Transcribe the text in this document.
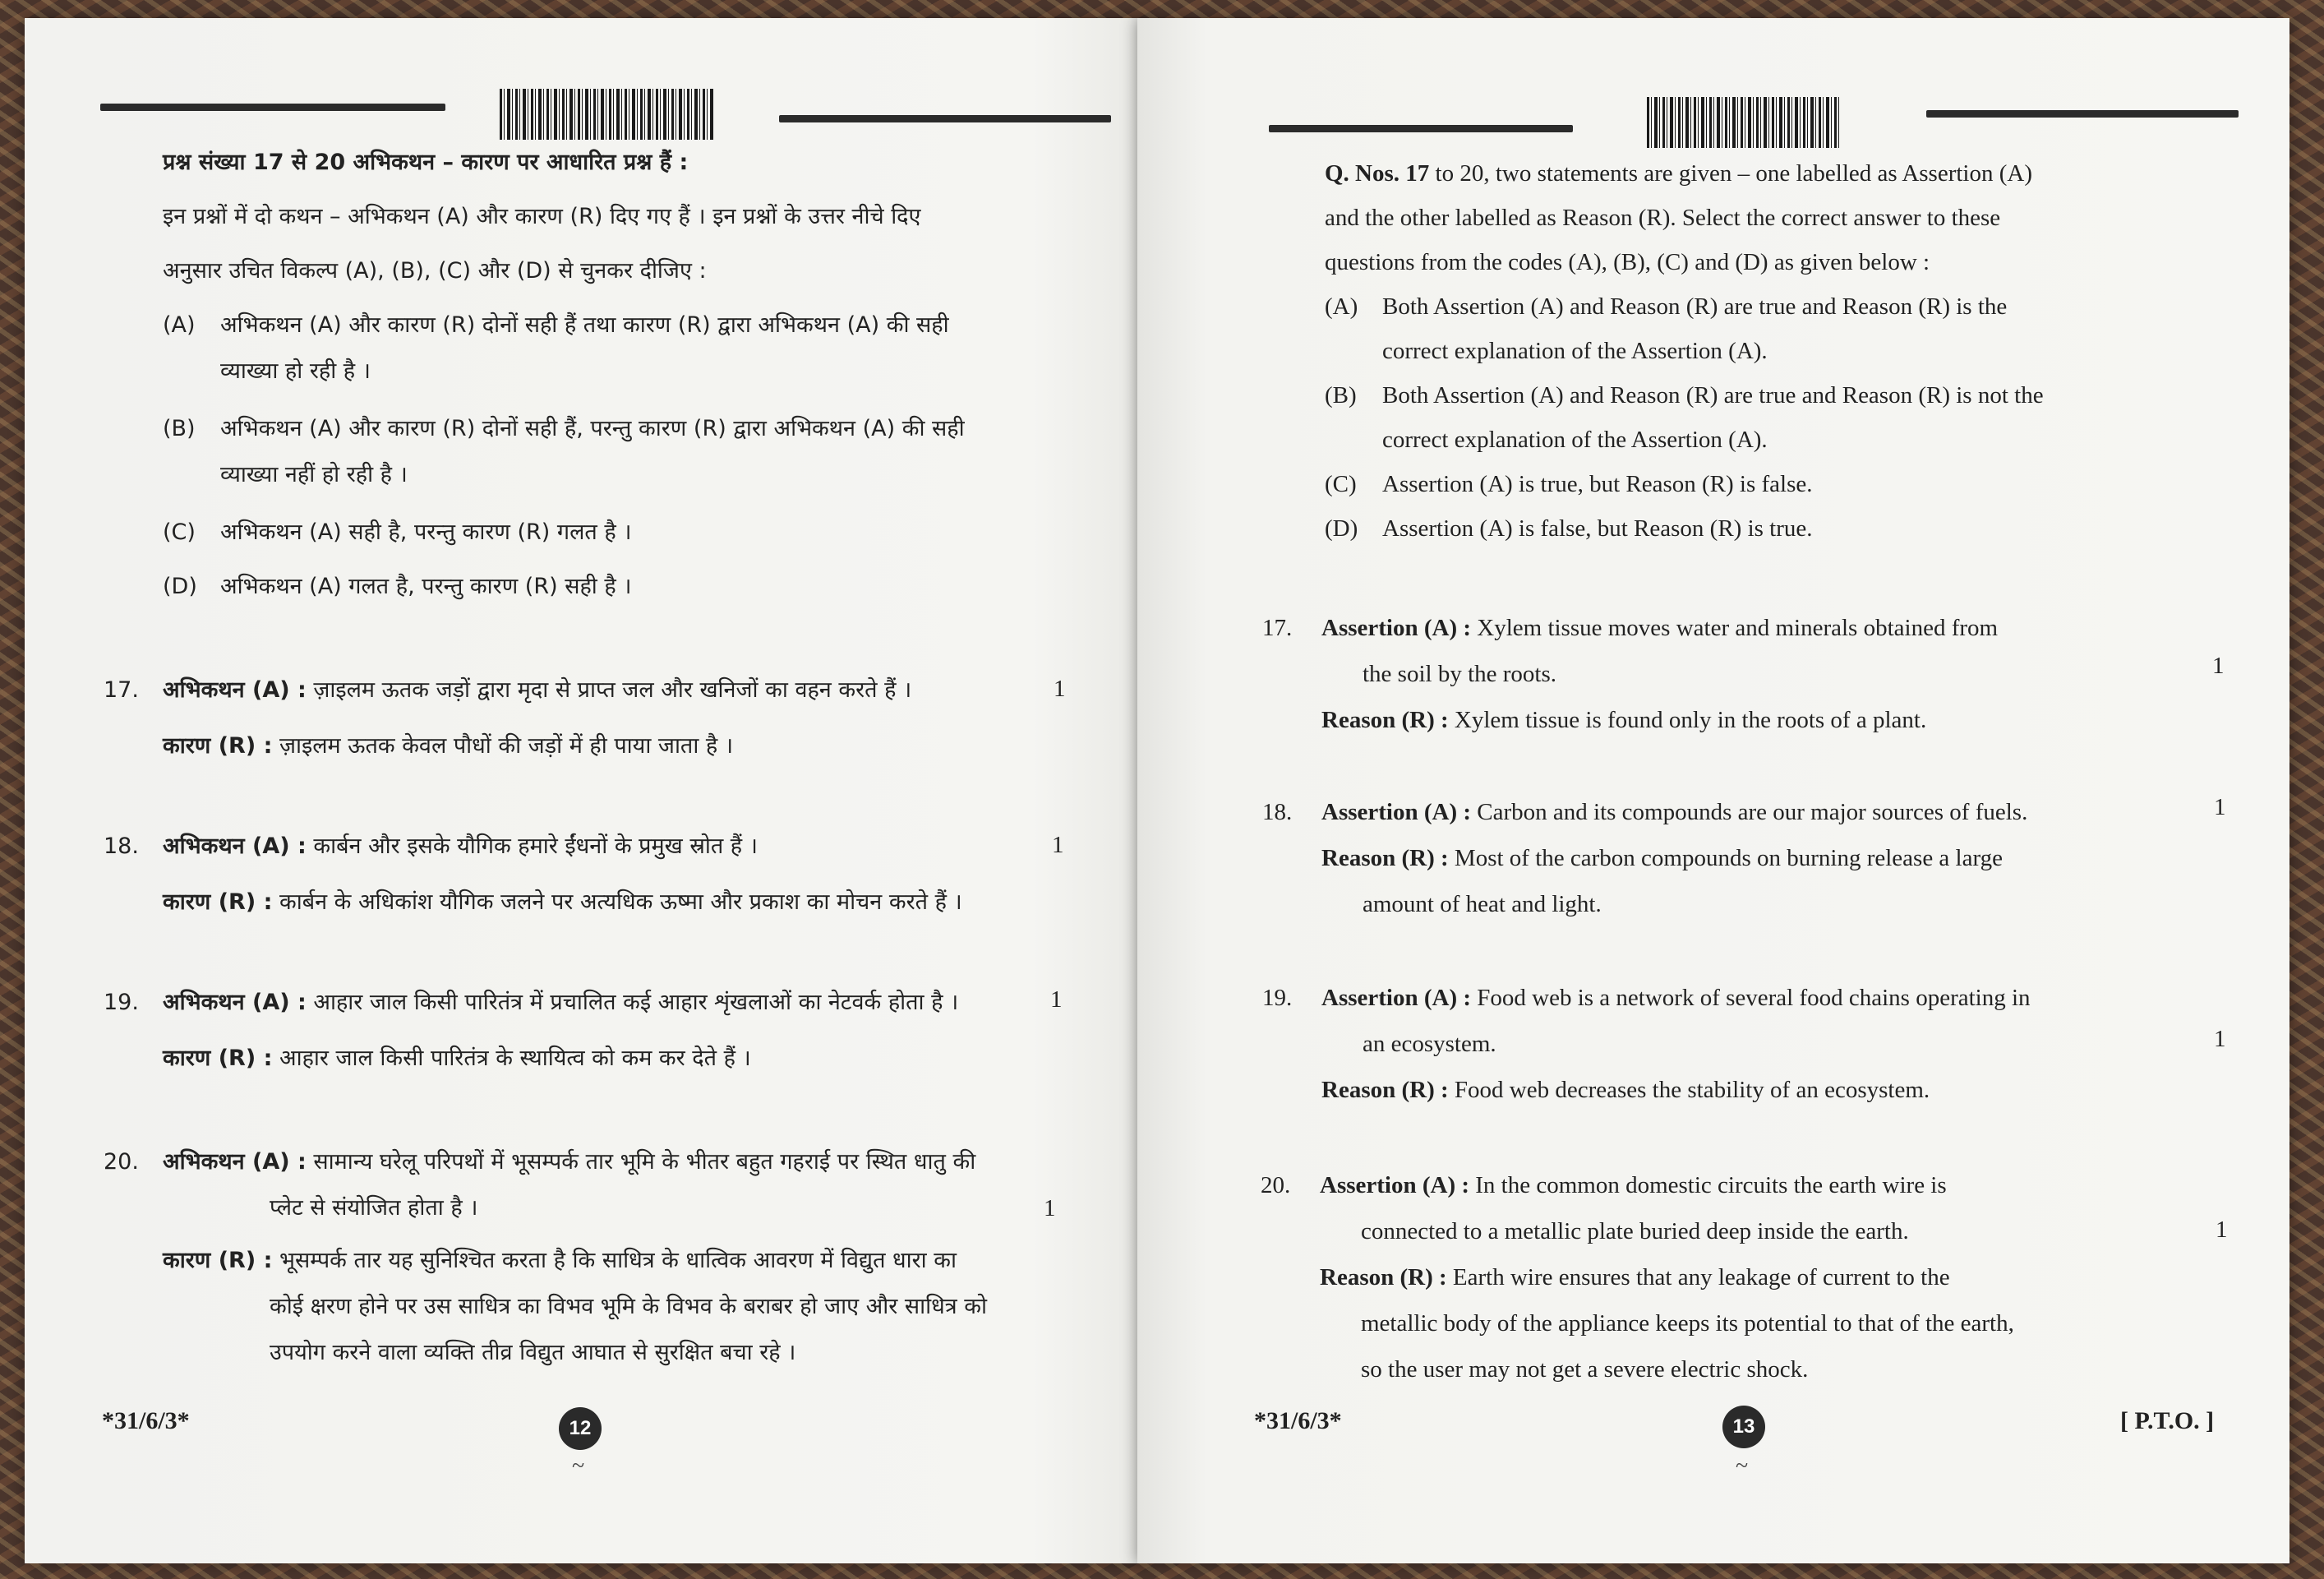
प्रश्न संख्या 17 से 20 अभिकथन – कारण पर आधारित प्रश्न हैं :

इन प्रश्नों में दो कथन – अभिकथन (A) और कारण (R) दिए गए हैं । इन प्रश्नों के उत्तर नीचे दिए

अनुसार उचित विकल्प (A), (B), (C) और (D) से चुनकर दीजिए :

(A)	अभिकथन (A) और कारण (R) दोनों सही हैं तथा कारण (R) द्वारा अभिकथन (A) की सही
व्याख्या हो रही है ।
(B)	अभिकथन (A) और कारण (R) दोनों सही हैं, परन्तु कारण (R) द्वारा अभिकथन (A) की सही
व्याख्या नहीं हो रही है ।
(C)	अभिकथन (A) सही है, परन्तु कारण (R) गलत है ।
(D)	अभिकथन (A) गलत है, परन्तु कारण (R) सही है ।
17. अभिकथन (A) : ज़ाइलम ऊतक जड़ों द्वारा मृदा से प्राप्त जल और खनिजों का वहन करते हैं ।
कारण (R) : ज़ाइलम ऊतक केवल पौधों की जड़ों में ही पाया जाता है ।
1
18. अभिकथन (A) : कार्बन और इसके यौगिक हमारे ईंधनों के प्रमुख स्रोत हैं ।
कारण (R) : कार्बन के अधिकांश यौगिक जलने पर अत्यधिक ऊष्मा और प्रकाश का मोचन करते हैं ।
1
19. अभिकथन (A) : आहार जाल किसी पारितंत्र में प्रचालित कई आहार शृंखलाओं का नेटवर्क होता है ।
कारण (R) : आहार जाल किसी पारितंत्र के स्थायित्व को कम कर देते हैं ।
1
20. अभिकथन (A) : सामान्य घरेलू परिपथों में भूसम्पर्क तार भूमि के भीतर बहुत गहराई पर स्थित धातु की
प्लेट से संयोजित होता है ।
कारण (R) : भूसम्पर्क तार यह सुनिश्चित करता है कि साधित्र के धात्विक आवरण में विद्युत धारा का
कोई क्षरण होने पर उस साधित्र का विभव भूमि के विभव के बराबर हो जाए और साधित्र को
उपयोग करने वाला व्यक्ति तीव्र विद्युत आघात से सुरक्षित बचा रहे ।
1
*31/6/3*	12
~

Q. Nos. 17 to 20, two statements are given – one labelled as Assertion (A)

and the other labelled as Reason (R). Select the correct answer to these

questions from the codes (A), (B), (C) and (D) as given below :

(A)	Both Assertion (A) and Reason (R) are true and Reason (R) is the
correct explanation of the Assertion (A).
(B)	Both Assertion (A) and Reason (R) are true and Reason (R) is not the
correct explanation of the Assertion (A).
(C)	Assertion (A) is true, but Reason (R) is false.
(D)	Assertion (A) is false, but Reason (R) is true.
17. Assertion (A) : Xylem tissue moves water and minerals obtained from
the soil by the roots.
Reason (R) : Xylem tissue is found only in the roots of a plant.
1
18. Assertion (A) : Carbon and its compounds are our major sources of fuels.
Reason (R) : Most of the carbon compounds on burning release a large
amount of heat and light.
1
19. Assertion (A) : Food web is a network of several food chains operating in
an ecosystem.
Reason (R) : Food web decreases the stability of an ecosystem.
1
20. Assertion (A) : In the common domestic circuits the earth wire is
connected to a metallic plate buried deep inside the earth.
Reason (R) : Earth wire ensures that any leakage of current to the
metallic body of the appliance keeps its potential to that of the earth,
so the user may not get a severe electric shock.
1
*31/6/3*	13
~
[ P.T.O. ]
